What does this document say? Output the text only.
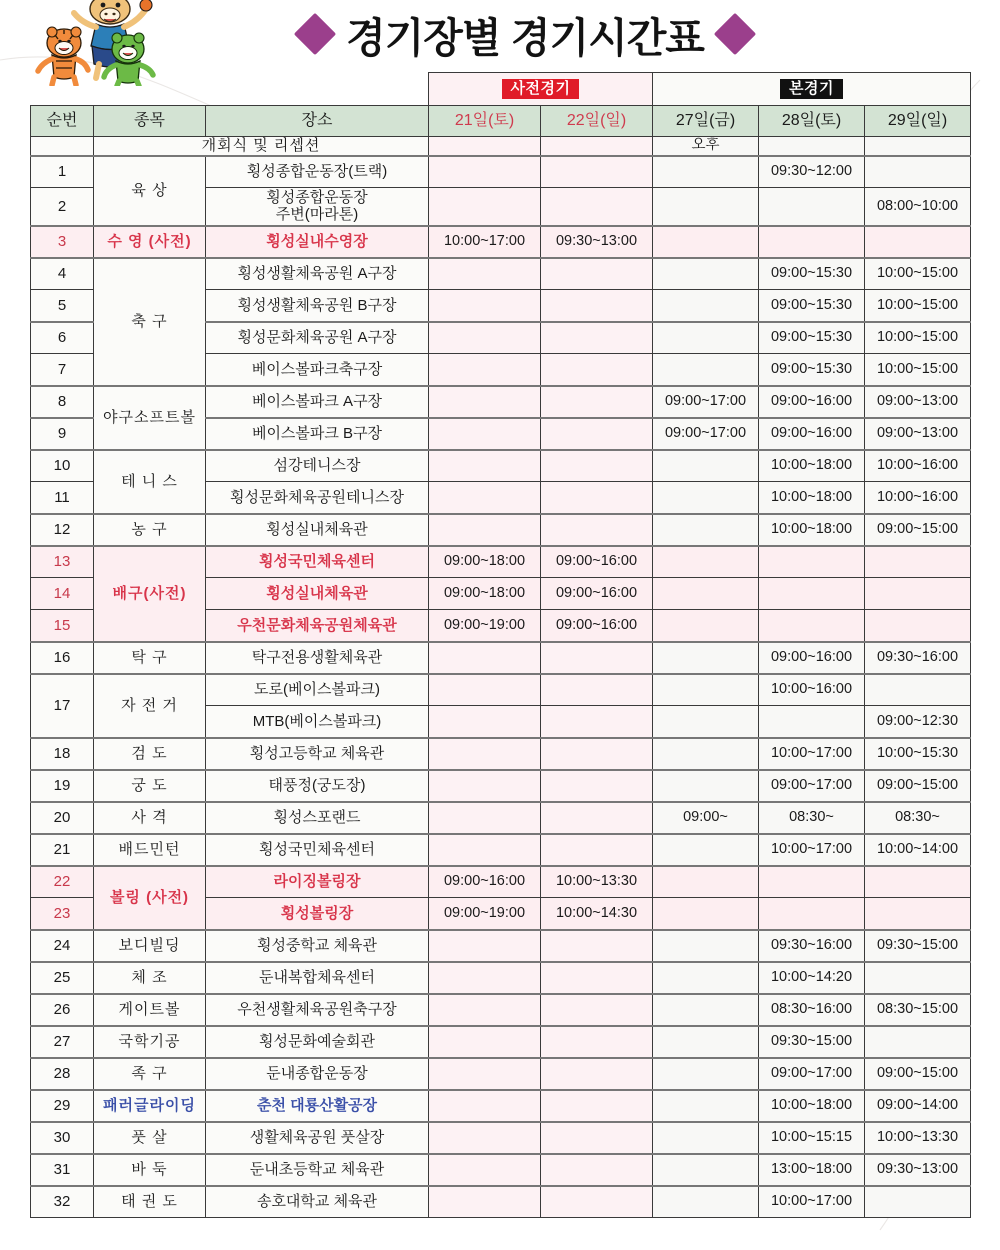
경기장별 경기시간표
			사전경기		본경기		
순번	종목	장소	21일(토)	22일(일)	27일(금)	28일(토)	29일(일)
	개회식 및 리셉션				오후		
1	육 상	횡성종합운동장(트랙)				09:30~12:00	
2		횡성종합운동장
주변(마라톤)					08:00~10:00
3	수 영 (사전)	횡성실내수영장	10:00~17:00	09:30~13:00			
4	축 구	횡성생활체육공원 A구장				09:00~15:30	10:00~15:00
5		횡성생활체육공원 B구장				09:00~15:30	10:00~15:00
6		횡성문화체육공원 A구장				09:00~15:30	10:00~15:00
7		베이스볼파크축구장				09:00~15:30	10:00~15:00
8	야구소프트볼	베이스볼파크 A구장			09:00~17:00	09:00~16:00	09:00~13:00
9		베이스볼파크 B구장			09:00~17:00	09:00~16:00	09:00~13:00
10	테 니 스	섬강테니스장				10:00~18:00	10:00~16:00
11		횡성문화체육공원테니스장				10:00~18:00	10:00~16:00
12	농 구	횡성실내체육관				10:00~18:00	09:00~15:00
13	배구(사전)	횡성국민체육센터	09:00~18:00	09:00~16:00			
14		횡성실내체육관	09:00~18:00	09:00~16:00			
15		우천문화체육공원체육관	09:00~19:00	09:00~16:00			
16	탁 구	탁구전용생활체육관				09:00~16:00	09:30~16:00
17	자 전 거	도로(베이스볼파크)				10:00~16:00	
		MTB(베이스볼파크)					09:00~12:30
18	검 도	횡성고등학교 체육관				10:00~17:00	10:00~15:30
19	궁 도	태풍정(궁도장)				09:00~17:00	09:00~15:00
20	사 격	횡성스포랜드			09:00~	08:30~	08:30~
21	배드민턴	횡성국민체육센터				10:00~17:00	10:00~14:00
22	볼링 (사전)	라이징볼링장	09:00~16:00	10:00~13:30			
23		횡성볼링장	09:00~19:00	10:00~14:30			
24	보디빌딩	횡성중학교 체육관				09:30~16:00	09:30~15:00
25	체 조	둔내복합체육센터				10:00~14:20	
26	게이트볼	우천생활체육공원축구장				08:30~16:00	08:30~15:00
27	국학기공	횡성문화예술회관				09:30~15:00	
28	족 구	둔내종합운동장				09:00~17:00	09:00~15:00
29	패러글라이딩	춘천 대룡산활공장				10:00~18:00	09:00~14:00
30	풋 살	생활체육공원 풋살장				10:00~15:15	10:00~13:30
31	바 둑	둔내초등학교 체육관				13:00~18:00	09:30~13:00
32	태 권 도	송호대학교 체육관				10:00~17:00	
